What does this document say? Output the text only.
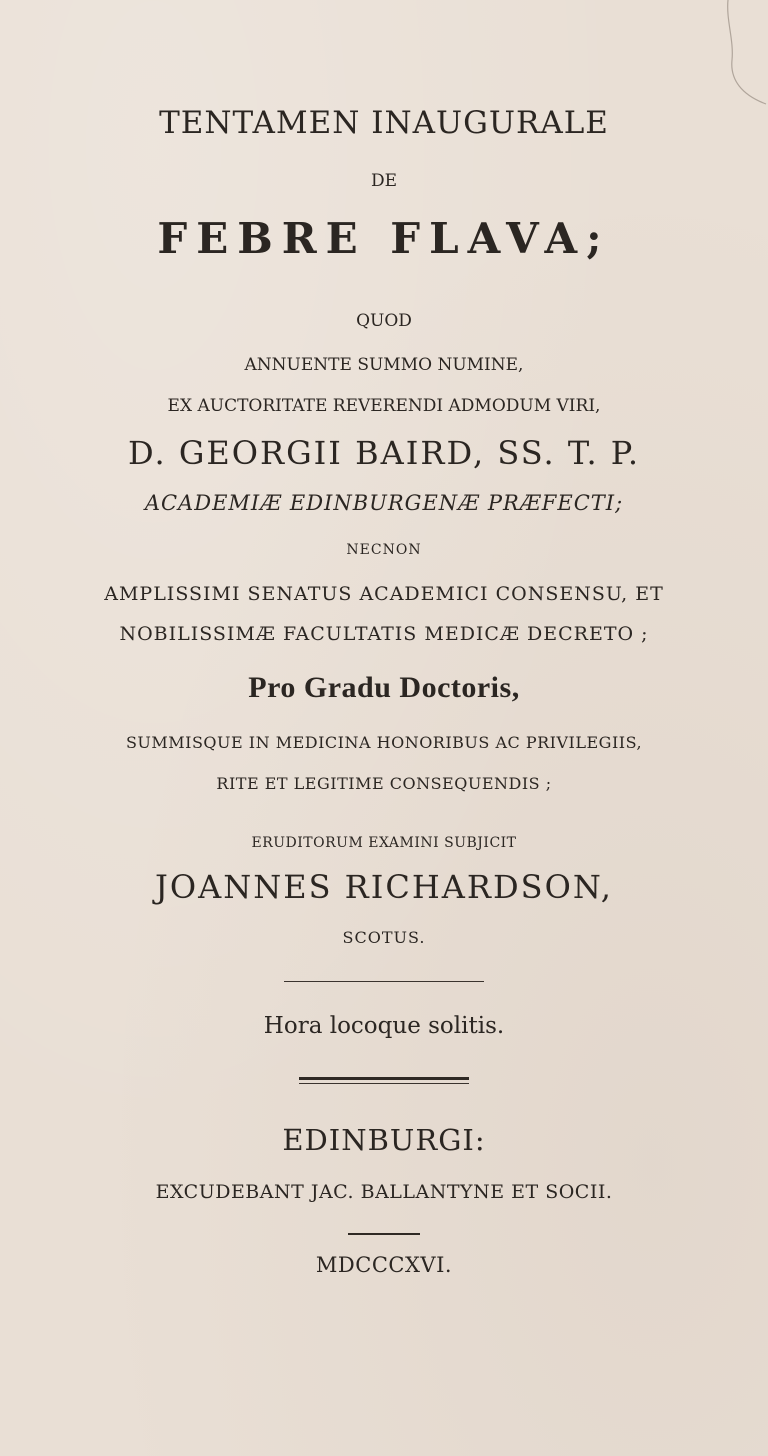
TENTAMEN INAUGURALE
DE
FEBRE FLAVA;
QUOD
ANNUENTE SUMMO NUMINE,
EX AUCTORITATE REVERENDI ADMODUM VIRI,
D. GEORGII BAIRD, SS. T. P.
ACADEMIÆ EDINBURGENÆ PRÆFECTI;
NECNON
AMPLISSIMI SENATUS ACADEMICI CONSENSU, ET
NOBILISSIMÆ FACULTATIS MEDICÆ DECRETO ;
Pro Gradu Doctoris,
SUMMISQUE IN MEDICINA HONORIBUS AC PRIVILEGIIS,
RITE ET LEGITIME CONSEQUENDIS ;
ERUDITORUM EXAMINI SUBJICIT
JOANNES RICHARDSON,
SCOTUS.
Hora locoque solitis.
EDINBURGI:
EXCUDEBANT JAC. BALLANTYNE ET SOCII.
MDCCCXVI.
